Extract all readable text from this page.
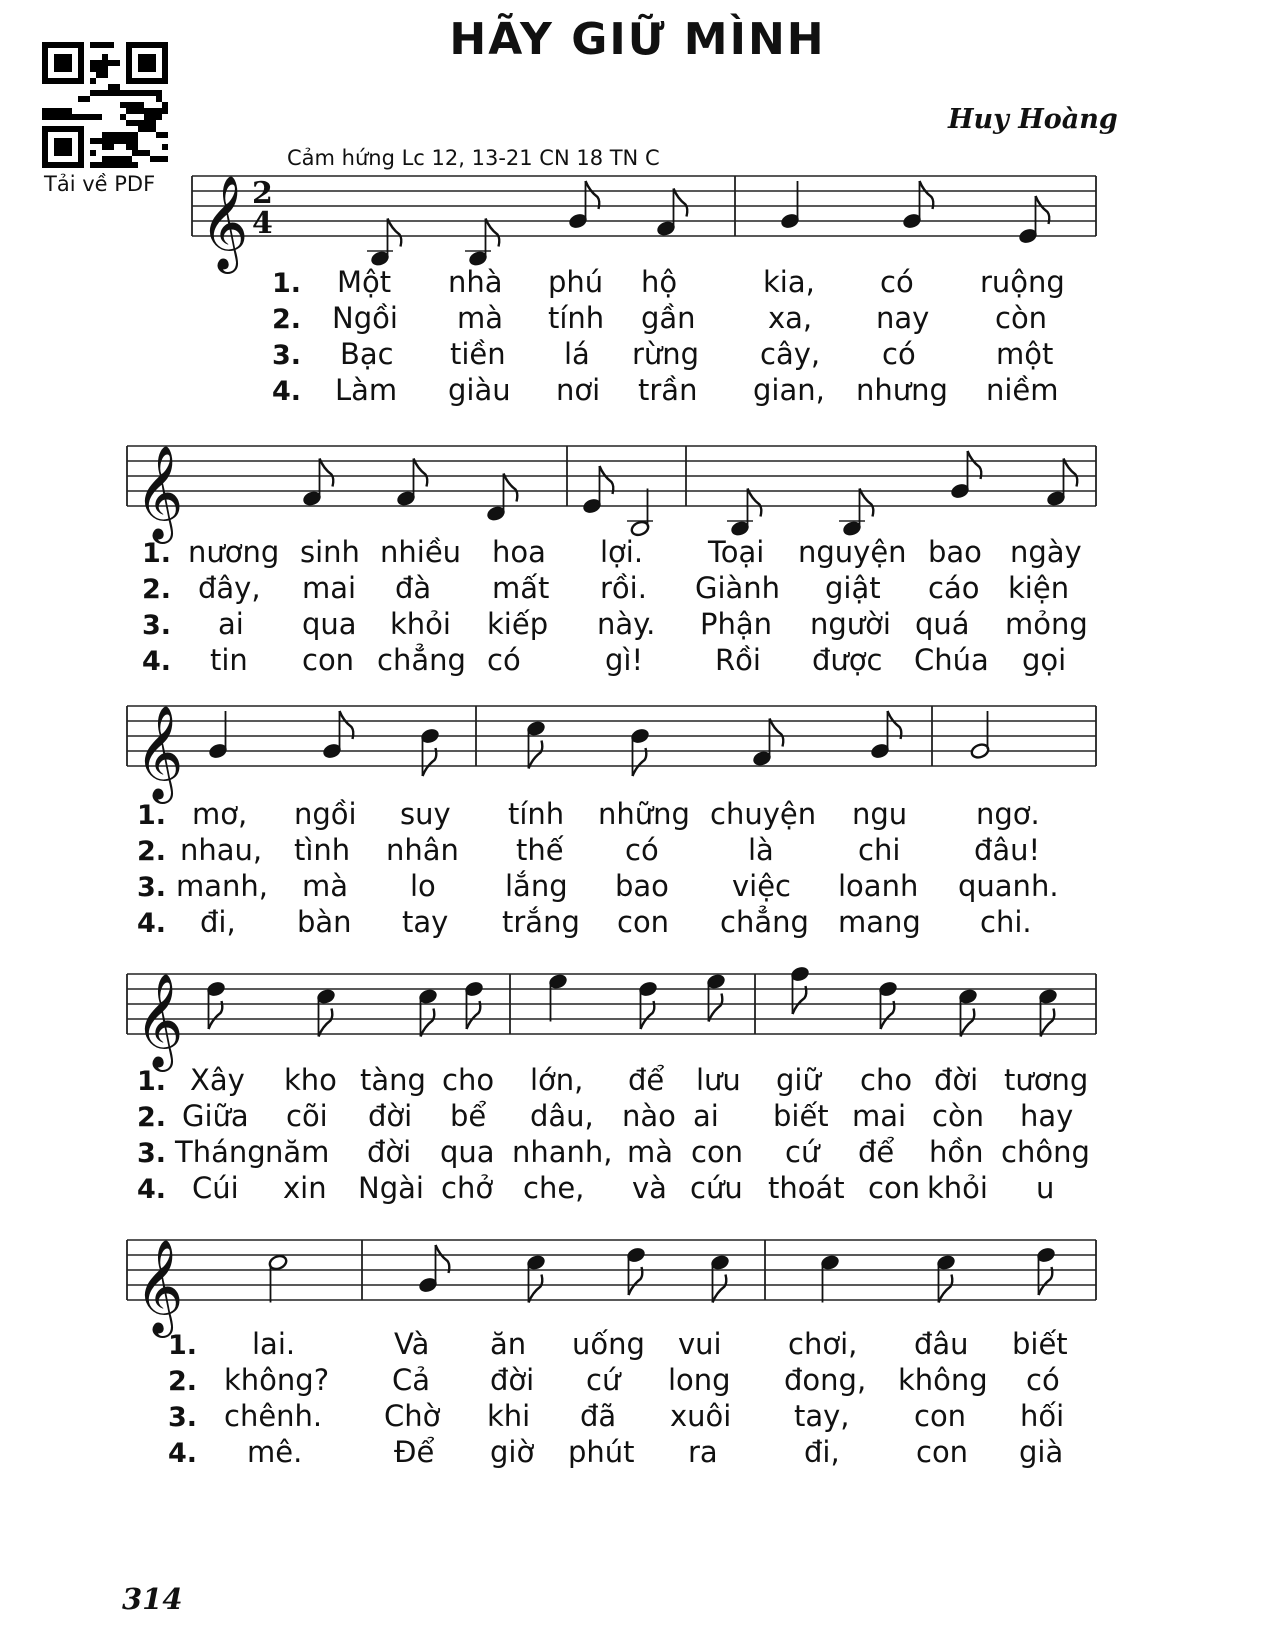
HÃY GIỮ MÌNH
Huy Hoàng
Cảm hứng Lc 12, 13-21 CN 18 TN C
Tải về PDF 𝄞 2
4
1. Một nhà phú hộ	kia, có ruộng
2. Ngồi mà tính gần xa, nay còn
3. Bạc tiền lá rừng cây, có	một
4. Làm giàu nơi trần gian, nhưng niềm
𝄞
1. nương sinh nhiều hoa lợi. Toại nguyện bao ngày
2. đây, mai đà mất rồi. Giành giật cáo kiện
3. ai qua khỏi kiếp này. Phận người quá mỏng
4. tin con chẳng có	gì! Rồi được Chúa gọi
𝄞
1. mơ, ngồi suy tính những chuyện ngu ngơ.
2. nhau, tình nhân thế có	là	chi	đâu!
3. manh, mà lo lắng bao việc loanh quanh.
4. đi, bàn tay trắng con chẳng mang chi.
𝄞
1. Xây kho tàng cho lớn, để lưu giữ cho đời tương
2. Giữa cõi đời bể dâu, nào ai biết mai còn hay
3. Tháng năm đời qua nhanh, mà con cứ để hồn chông
4. Cúi xin Ngài chở che, và cứu thoát con khỏi u
𝄞
1. lai.	Và ăn uống vui chơi, đâu biết
2. không? Cả đời cứ long đong, không có
3. chênh. Chờ khi đã xuôi tay, con hối
4. mê.	Để giờ phút ra	đi,	con già
314
